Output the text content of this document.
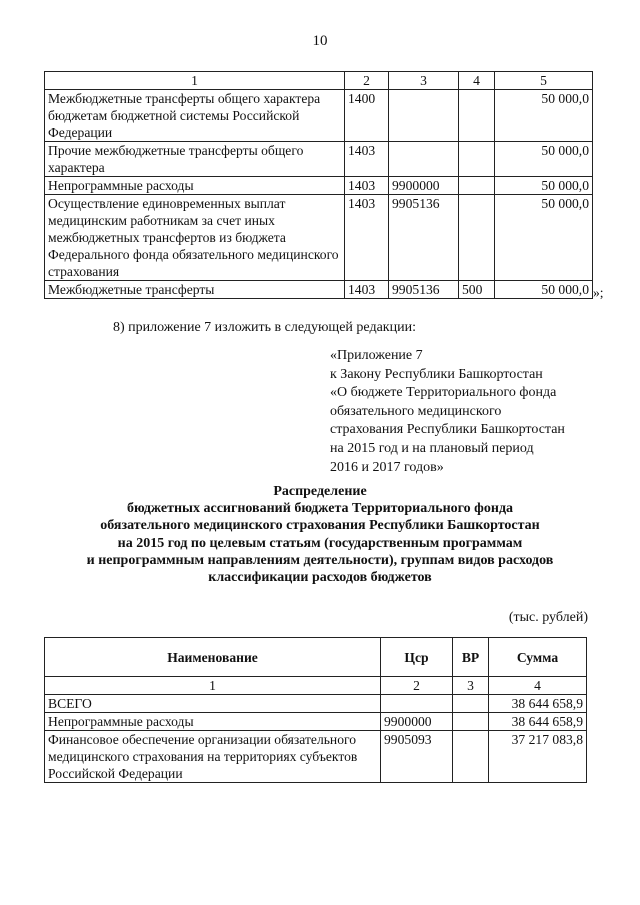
10
1	2	3	4	5
Межбюджетные трансферты общего характера бюджетам бюджетной системы Российской Федерации	1400			50 000,0
Прочие межбюджетные трансферты общего характера	1403			50 000,0
Непрограммные расходы	1403	9900000		50 000,0
Осуществление единовременных выплат медицинским работникам за счет иных межбюджетных трансфертов из бюджета Федерального фонда обязательного медицинского страхования	1403	9905136		50 000,0
Межбюджетные трансферты	1403	9905136	500	50 000,0 »;
8) приложение 7 изложить в следующей редакции:
«Приложение 7
к Закону Республики Башкортостан
«О бюджете Территориального фонда
обязательного медицинского
страхования Республики Башкортостан
на 2015 год и на плановый период
2016 и 2017 годов»
Распределение
бюджетных ассигнований бюджета Территориального фонда
обязательного медицинского страхования Республики Башкортостан
на 2015 год по целевым статьям (государственным программам
и непрограммным направлениям деятельности), группам видов расходов
классификации расходов бюджетов
(тыс. рублей)
Наименование	Цср	ВР	Сумма
1	2	3	4
ВСЕГО			38 644 658,9
Непрограммные расходы	9900000		38 644 658,9
Финансовое обеспечение организации обязательного медицинского страхования на территориях субъектов Российской Федерации	9905093		37 217 083,8
